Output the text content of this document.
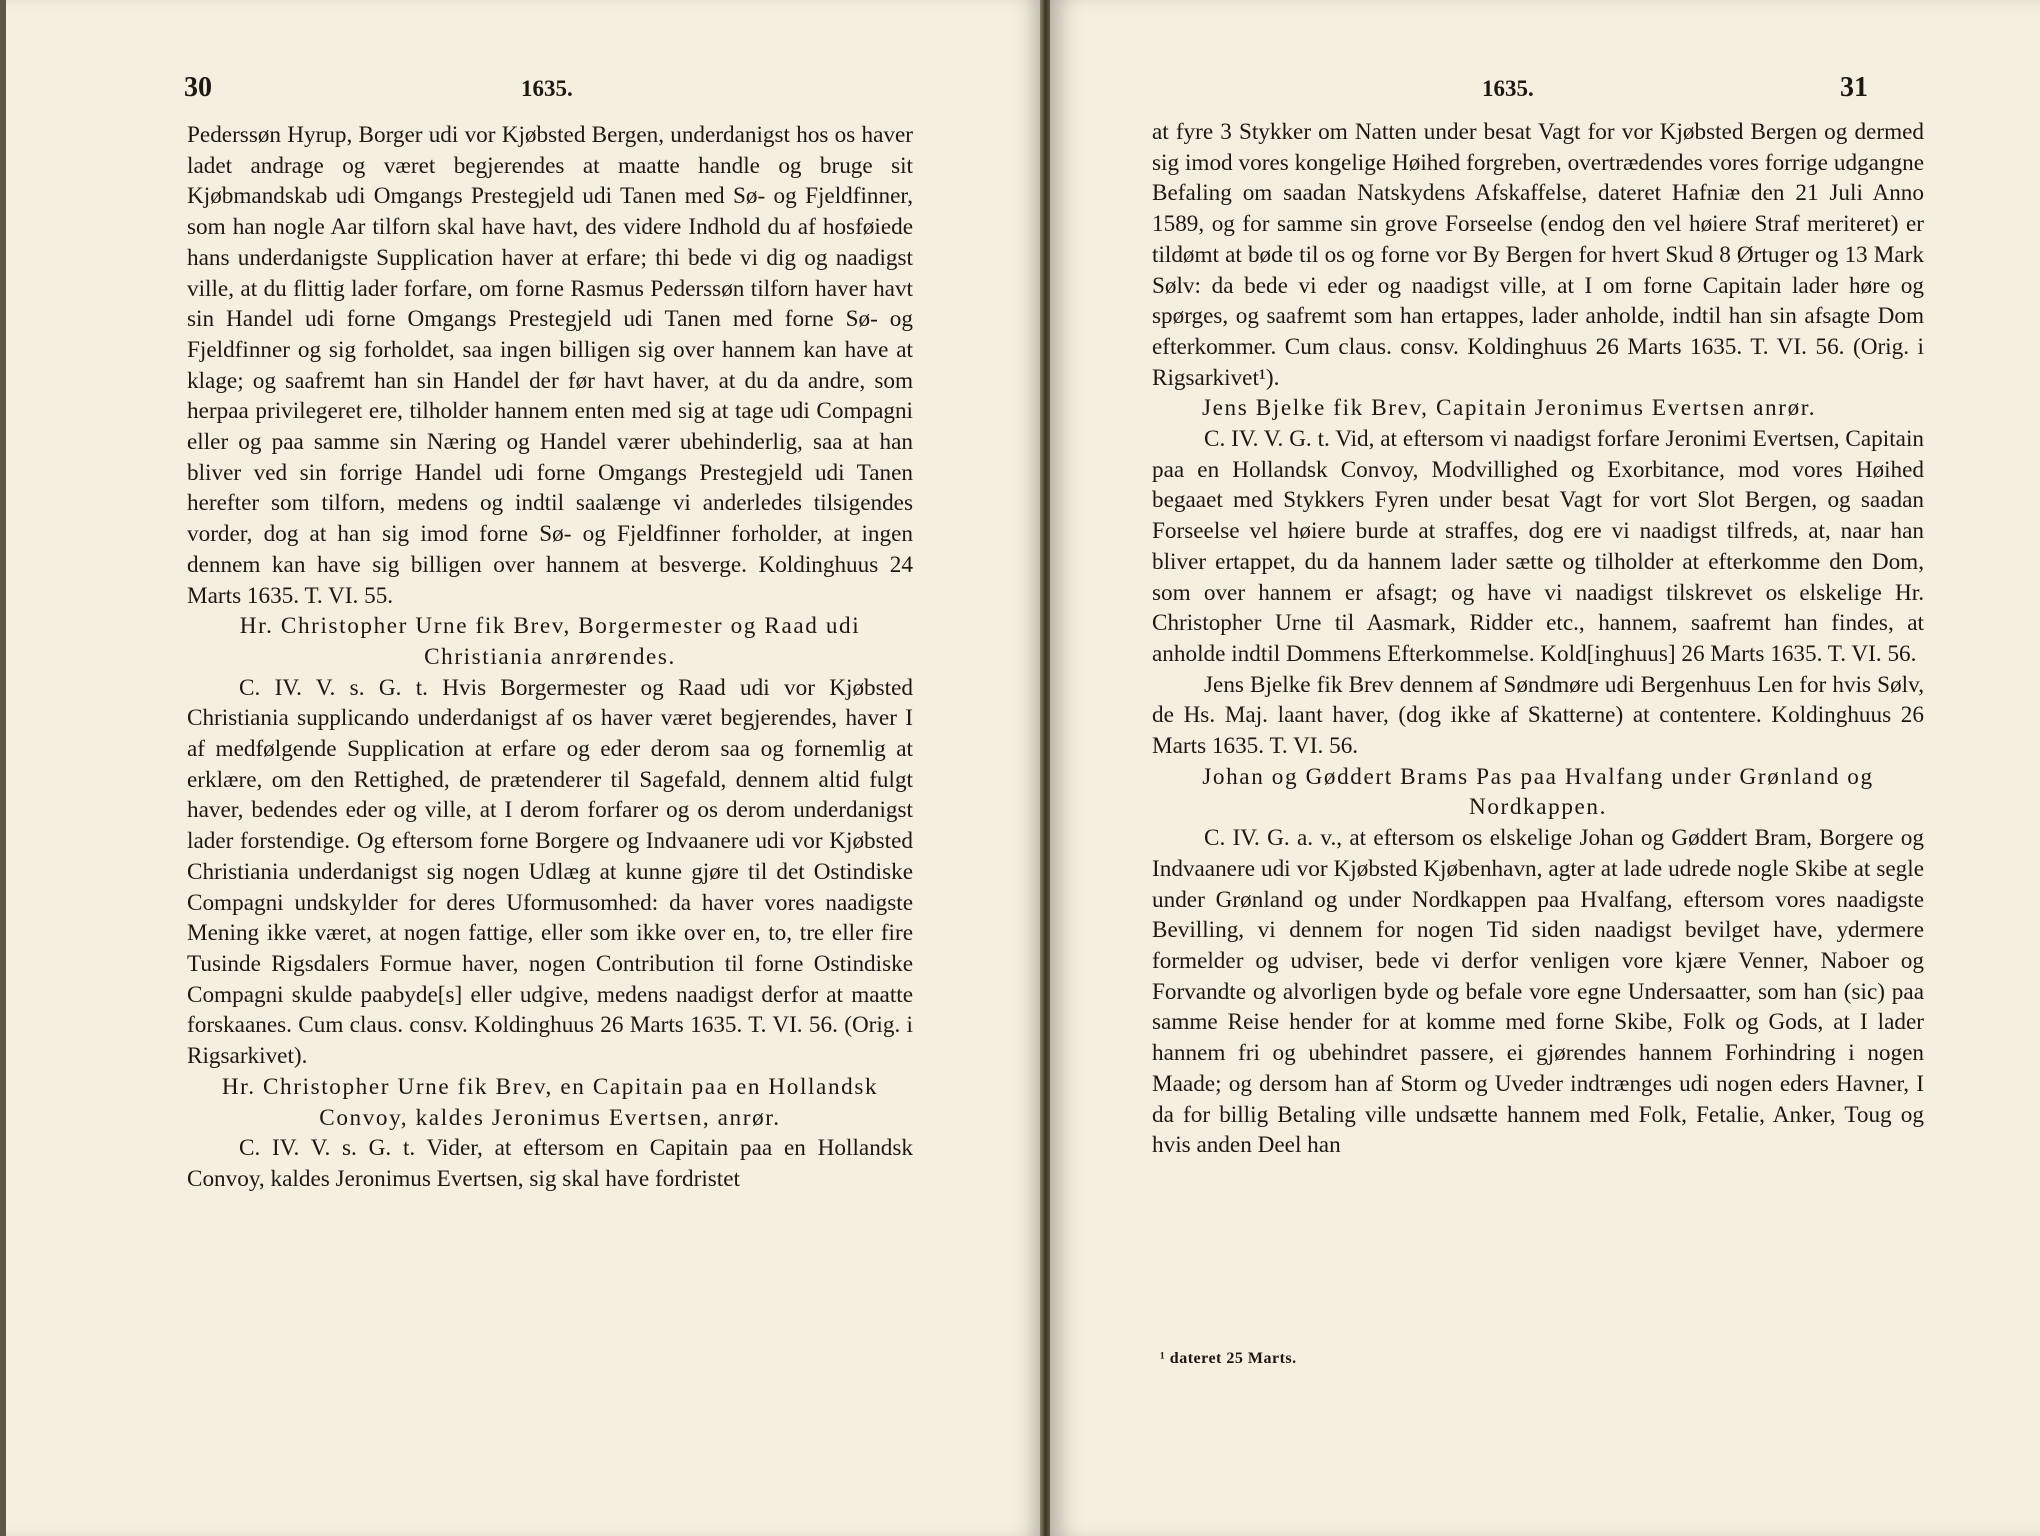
30	1635.

Pederssøn Hyrup, Borger udi vor Kjøbsted Bergen, underdanigst hos os haver ladet andrage og været begjerendes at maatte handle og bruge sit Kjøbmandskab udi Omgangs Prestegjeld udi Tanen med Sø- og Fjeldfinner, som han nogle Aar tilforn skal have havt, des videre Indhold du af hosføiede hans underdanigste Supplication haver at erfare; thi bede vi dig og naadigst ville, at du flittig lader forfare, om forne Rasmus Pederssøn tilforn haver havt sin Handel udi forne Omgangs Prestegjeld udi Tanen med forne Sø- og Fjeldfinner og sig forholdet, saa ingen billigen sig over hannem kan have at klage; og saafremt han sin Handel der før havt haver, at du da andre, som herpaa privilegeret ere, tilholder hannem enten med sig at tage udi Compagni eller og paa samme sin Næring og Handel værer ubehinderlig, saa at han bliver ved sin forrige Handel udi forne Omgangs Prestegjeld udi Tanen herefter som tilforn, medens og indtil saalænge vi anderledes tilsigendes vorder, dog at han sig imod forne Sø- og Fjeldfinner forholder, at ingen dennem kan have sig billigen over hannem at besverge. Koldinghuus 24 Marts 1635. T. VI. 55.

Hr. Christopher Urne fik Brev, Borgermester og Raad udi Christiania anrørendes.

C. IV. V. s. G. t. Hvis Borgermester og Raad udi vor Kjøbsted Christiania supplicando underdanigst af os haver været begjerendes, haver I af medfølgende Supplication at erfare og eder derom saa og fornemlig at erklære, om den Rettighed, de prætenderer til Sagefald, dennem altid fulgt haver, bedendes eder og ville, at I derom forfarer og os derom underdanigst lader forstendige. Og eftersom forne Borgere og Indvaanere udi vor Kjøbsted Christiania underdanigst sig nogen Udlæg at kunne gjøre til det Ostindiske Compagni undskylder for deres Uformusomhed: da haver vores naadigste Mening ikke været, at nogen fattige, eller som ikke over en, to, tre eller fire Tusinde Rigsdalers Formue haver, nogen Contribution til forne Ostindiske Compagni skulde paabyde[s] eller udgive, medens naadigst derfor at maatte forskaanes. Cum claus. consv. Koldinghuus 26 Marts 1635. T. VI. 56. (Orig. i Rigsarkivet).

Hr. Christopher Urne fik Brev, en Capitain paa en Hollandsk Convoy, kaldes Jeronimus Evertsen, anrør.

C. IV. V. s. G. t. Vider, at eftersom en Capitain paa en Hollandsk Convoy, kaldes Jeronimus Evertsen, sig skal have fordristet

1635.	31

at fyre 3 Stykker om Natten under besat Vagt for vor Kjøbsted Bergen og dermed sig imod vores kongelige Høihed forgreben, overtrædendes vores forrige udgangne Befaling om saadan Natskydens Afskaffelse, dateret Hafniæ den 21 Juli Anno 1589, og for samme sin grove Forseelse (endog den vel høiere Straf meriteret) er tildømt at bøde til os og forne vor By Bergen for hvert Skud 8 Ørtuger og 13 Mark Sølv: da bede vi eder og naadigst ville, at I om forne Capitain lader høre og spørges, og saafremt som han ertappes, lader anholde, indtil han sin afsagte Dom efterkommer. Cum claus. consv. Koldinghuus 26 Marts 1635. T. VI. 56. (Orig. i Rigsarkivet¹).

Jens Bjelke fik Brev, Capitain Jeronimus Evertsen anrør.

C. IV. V. G. t. Vid, at eftersom vi naadigst forfare Jeronimi Evertsen, Capitain paa en Hollandsk Convoy, Modvillighed og Exorbitance, mod vores Høihed begaaet med Stykkers Fyren under besat Vagt for vort Slot Bergen, og saadan Forseelse vel høiere burde at straffes, dog ere vi naadigst tilfreds, at, naar han bliver ertappet, du da hannem lader sætte og tilholder at efterkomme den Dom, som over hannem er afsagt; og have vi naadigst tilskrevet os elskelige Hr. Christopher Urne til Aasmark, Ridder etc., hannem, saafremt han findes, at anholde indtil Dommens Efterkommelse. Kold[inghuus] 26 Marts 1635. T. VI. 56.

Jens Bjelke fik Brev dennem af Søndmøre udi Bergenhuus Len for hvis Sølv, de Hs. Maj. laant haver, (dog ikke af Skatterne) at contentere. Koldinghuus 26 Marts 1635. T. VI. 56.

Johan og Gøddert Brams Pas paa Hvalfang under Grønland og Nordkappen.

C. IV. G. a. v., at eftersom os elskelige Johan og Gøddert Bram, Borgere og Indvaanere udi vor Kjøbsted Kjøbenhavn, agter at lade udrede nogle Skibe at segle under Grønland og under Nordkappen paa Hvalfang, eftersom vores naadigste Bevilling, vi dennem for nogen Tid siden naadigst bevilget have, ydermere formelder og udviser, bede vi derfor venligen vore kjære Venner, Naboer og Forvandte og alvorligen byde og befale vore egne Undersaatter, som han (sic) paa samme Reise hender for at komme med forne Skibe, Folk og Gods, at I lader hannem fri og ubehindret passere, ei gjørendes hannem Forhindring i nogen Maade; og dersom han af Storm og Uveder indtrænges udi nogen eders Havner, I da for billig Betaling ville undsætte hannem med Folk, Fetalie, Anker, Toug og hvis anden Deel han

¹ dateret 25 Marts.
